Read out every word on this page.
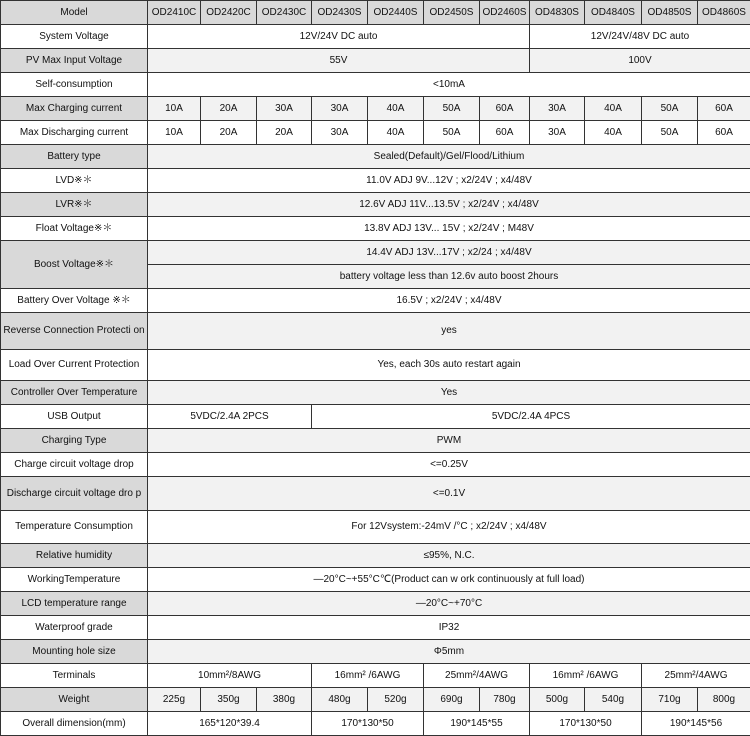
Model	OD2410C	OD2420C	OD2430C	OD2430S	OD2440S	OD2450S	OD2460S	OD4830S	OD4840S	OD4850S	OD4860S
System Voltage	12V/24V DC auto							12V/24V/48V DC auto			
PV Max Input Voltage	55V							100V			
Self-consumption	<10mA										
Max Charging current	10A	20A	30A	30A	40A	50A	60A	30A	40A	50A	60A
Max Discharging current	10A	20A	20A	30A	40A	50A	60A	30A	40A	50A	60A
Battery type	Sealed(Default)/Gel/Flood/Lithium										
LVD※＊	11.0V ADJ 9V...12V ; x2/24V ; x4/48V										
LVR※＊	12.6V ADJ 11V...13.5V ; x2/24V ; x4/48V										
Float Voltage※＊	13.8V ADJ 13V... 15V ; x2/24V ; M48V										
Boost Voltage※＊	14.4V ADJ 13V...17V ; x2/24 ; x4/48V										
	battery voltage less than 12.6v auto boost 2hours										
Battery Over Voltage ※＊	16.5V ; x2/24V ; x4/48V										
Reverse Connection Protecti on	yes										
Load Over Current Protection	Yes, each 30s auto restart again										
Controller Over Temperature	Yes										
USB Output	5VDC/2.4A 2PCS			5VDC/2.4A 4PCS							
Charging Type	PWM										
Charge circuit voltage drop	<=0.25V										
Discharge circuit voltage dro p	<=0.1V										
Temperature Consumption	For 12Vsystem:-24mV /°C ; x2/24V ; x4/48V										
Relative humidity	≤95%, N.C.										
WorkingTemperature	—20°C~+55°C℃(Product can w ork continuously at full load)										
LCD temperature range	—20°C~+70°C										
Waterproof grade	IP32										
Mounting hole size	Φ5mm										
Terminals	10mm²/8AWG			16mm² /6AWG		25mm²/4AWG		16mm² /6AWG		25mm²/4AWG	
Weight	225g	350g	380g	480g	520g	690g	780g	500g	540g	710g	800g
Overall dimension(mm)	165*120*39.4			170*130*50		190*145*55		170*130*50		190*145*56	
